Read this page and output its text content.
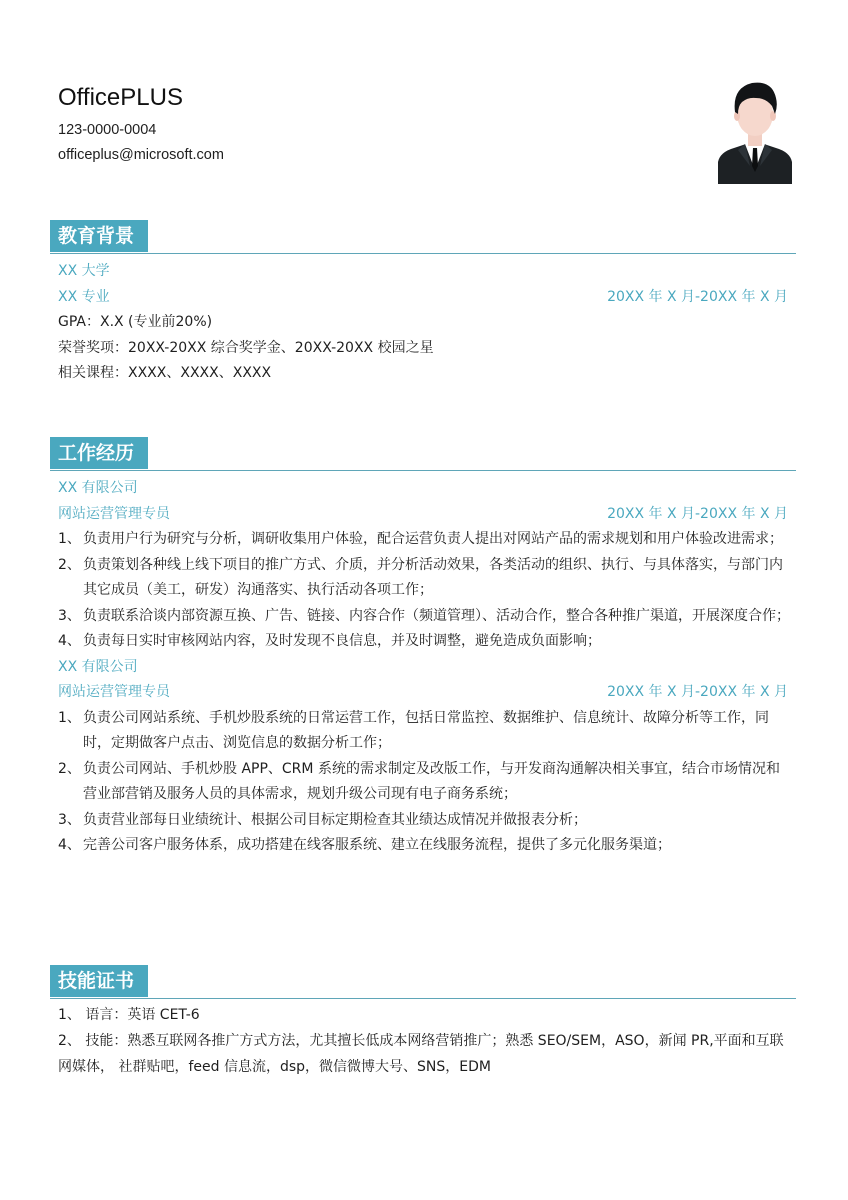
OfficePLUS
123-0000-0004
officeplus@microsoft.com
教育背景
XX 大学
XX 专业	20XX 年 X 月-20XX 年 X 月
GPA：X.X (专业前20%)
荣誉奖项：20XX-20XX 综合奖学金、20XX-20XX 校园之星
相关课程：XXXX、XXXX、XXXX
工作经历
XX 有限公司
网站运营管理专员	20XX 年 X 月-20XX 年 X 月
1、 负责用户行为研究与分析，调研收集用户体验，配合运营负责人提出对网站产品的需求规划和用户体验改进需求；
2、 负责策划各种线上线下项目的推广方式、介质，并分析活动效果，各类活动的组织、执行、与具体落实，与部门内其它成员（美工，研发）沟通落实、执行活动各项工作；
3、 负责联系洽谈内部资源互换、广告、链接、内容合作（频道管理）、活动合作，整合各种推广渠道，开展深度合作；
4、 负责每日实时审核网站内容，及时发现不良信息，并及时调整，避免造成负面影响；
XX 有限公司
网站运营管理专员	20XX 年 X 月-20XX 年 X 月
1、 负责公司网站系统、手机炒股系统的日常运营工作，包括日常监控、数据维护、信息统计、故障分析等工作，同时，定期做客户点击、浏览信息的数据分析工作；
2、 负责公司网站、手机炒股 APP、CRM 系统的需求制定及改版工作，与开发商沟通解决相关事宜，结合市场情况和营业部营销及服务人员的具体需求，规划升级公司现有电子商务系统；
3、 负责营业部每日业绩统计、根据公司目标定期检查其业绩达成情况并做报表分析；
4、 完善公司客户服务体系，成功搭建在线客服系统、建立在线服务流程，提供了多元化服务渠道；
技能证书
1、 语言：英语 CET-6
2、 技能：熟悉互联网各推广方式方法，尤其擅长低成本网络营销推广；熟悉 SEO/SEM，ASO，新闻 PR,平面和互联网媒体， 社群贴吧，feed 信息流，dsp，微信微博大号、SNS，EDM
